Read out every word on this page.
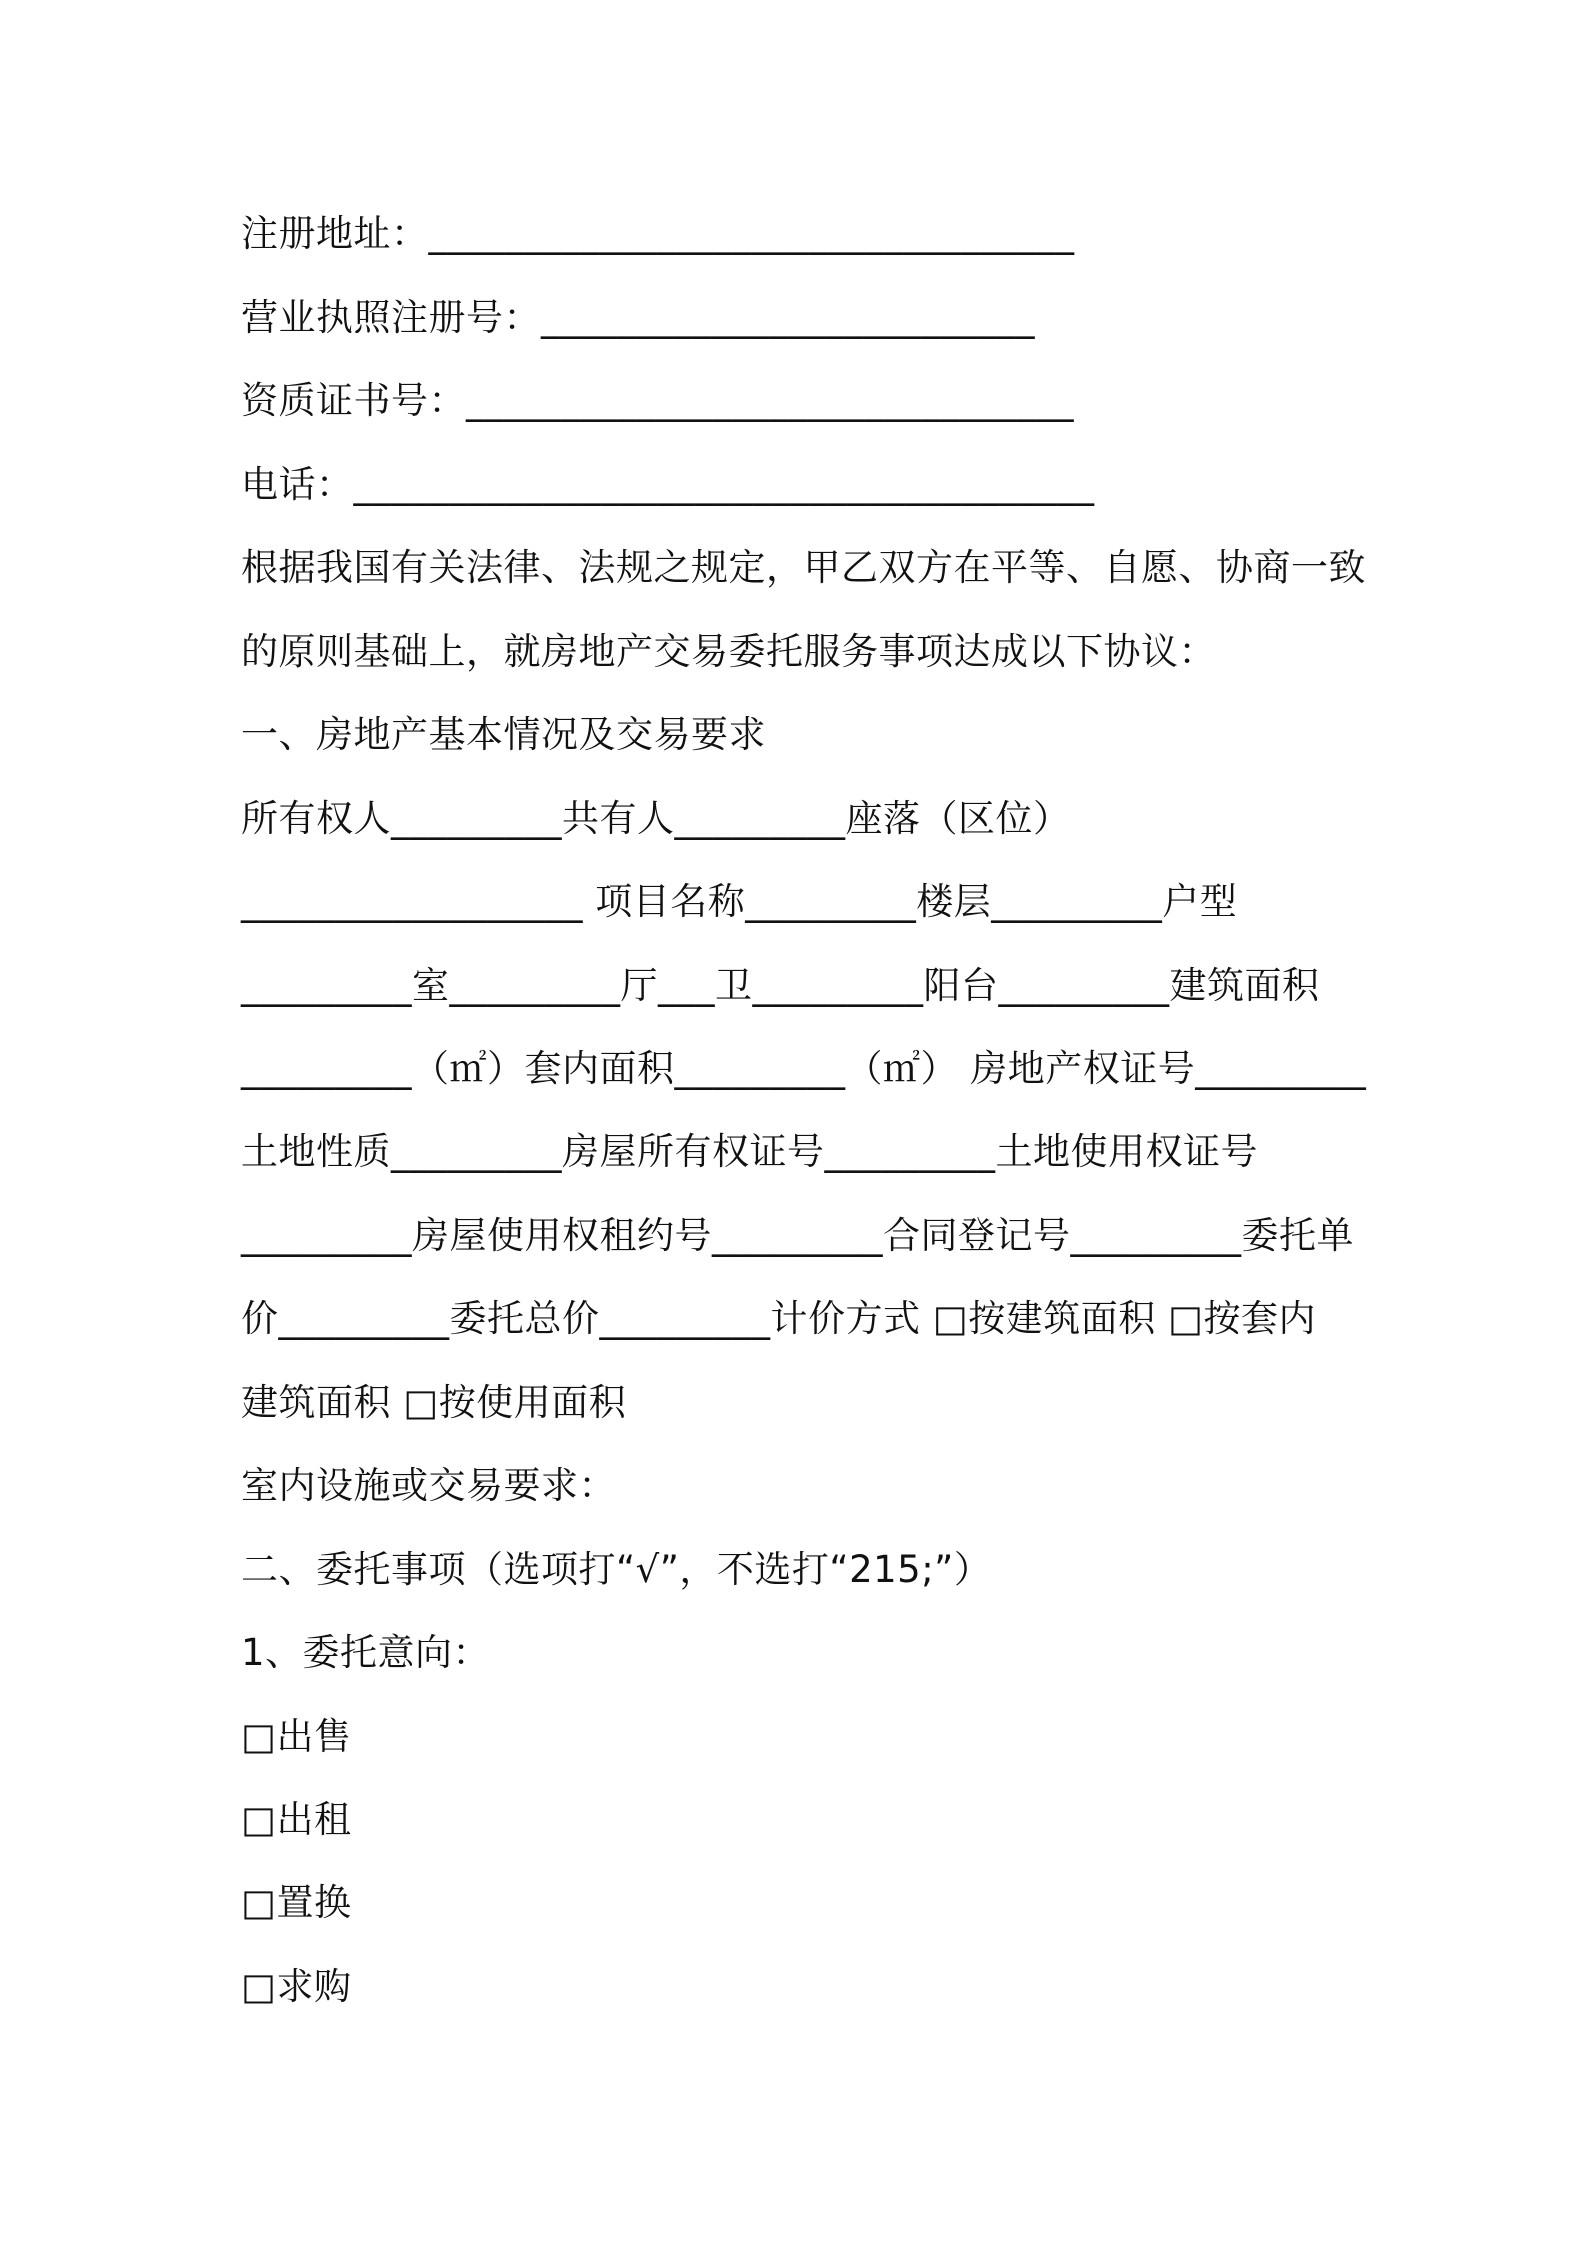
注册地址：__________________________________
营业执照注册号：__________________________
资质证书号：________________________________
电话：_______________________________________
根据我国有关法律、法规之规定，甲乙双方在平等、自愿、协商一致
的原则基础上，就房地产交易委托服务事项达成以下协议：
一、房地产基本情况及交易要求
所有权人_________共有人_________座落（区位）
__________________ 项目名称_________楼层_________户型
_________室_________厅___卫_________阳台_________建筑面积
_________（㎡）套内面积_________（㎡） 房地产权证号_________
土地性质_________房屋所有权证号_________土地使用权证号
_________房屋使用权租约号_________合同登记号_________委托单
价_________委托总价_________计价方式 □按建筑面积 □按套内
建筑面积 □按使用面积
室内设施或交易要求：
二、委托事项（选项打“√”，不选打“215;”）
1、委托意向：
□出售
□出租
□置换
□求购
